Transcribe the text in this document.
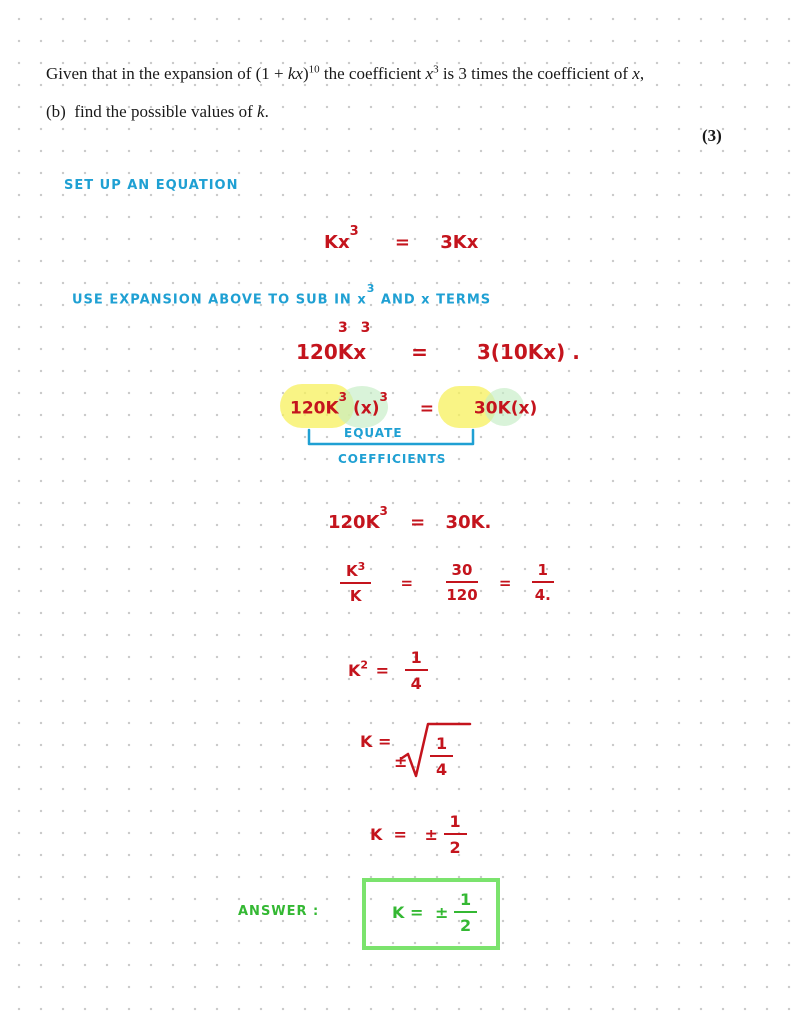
Given that in the expansion of (1 + kx)$^{10}$ the coefficient $x^3$ is 3 times the coefficient of x,
(b) find the possible values of k.
(3)
SET UP AN EQUATION
$Kx^3 = 3Kx$
USE EXPANSION ABOVE TO SUB IN $x^3$ AND x TERMS
3 3
120Kx = 3(10Kx) .
$120K^3$ $(x)^3 = 30K(x)$
EQUATE
COEFFICIENTS
$120K^3 = 30K$.
$\frac{K^3}{K} = \frac{30}{120} = \frac{1}{4.}$
$K^2 = \frac{1}{4}$
K =
± $\frac{1}{4}$
K  = ± $\frac{1}{2}$
ANSWER :	K = ± $\frac{1}{2}$
